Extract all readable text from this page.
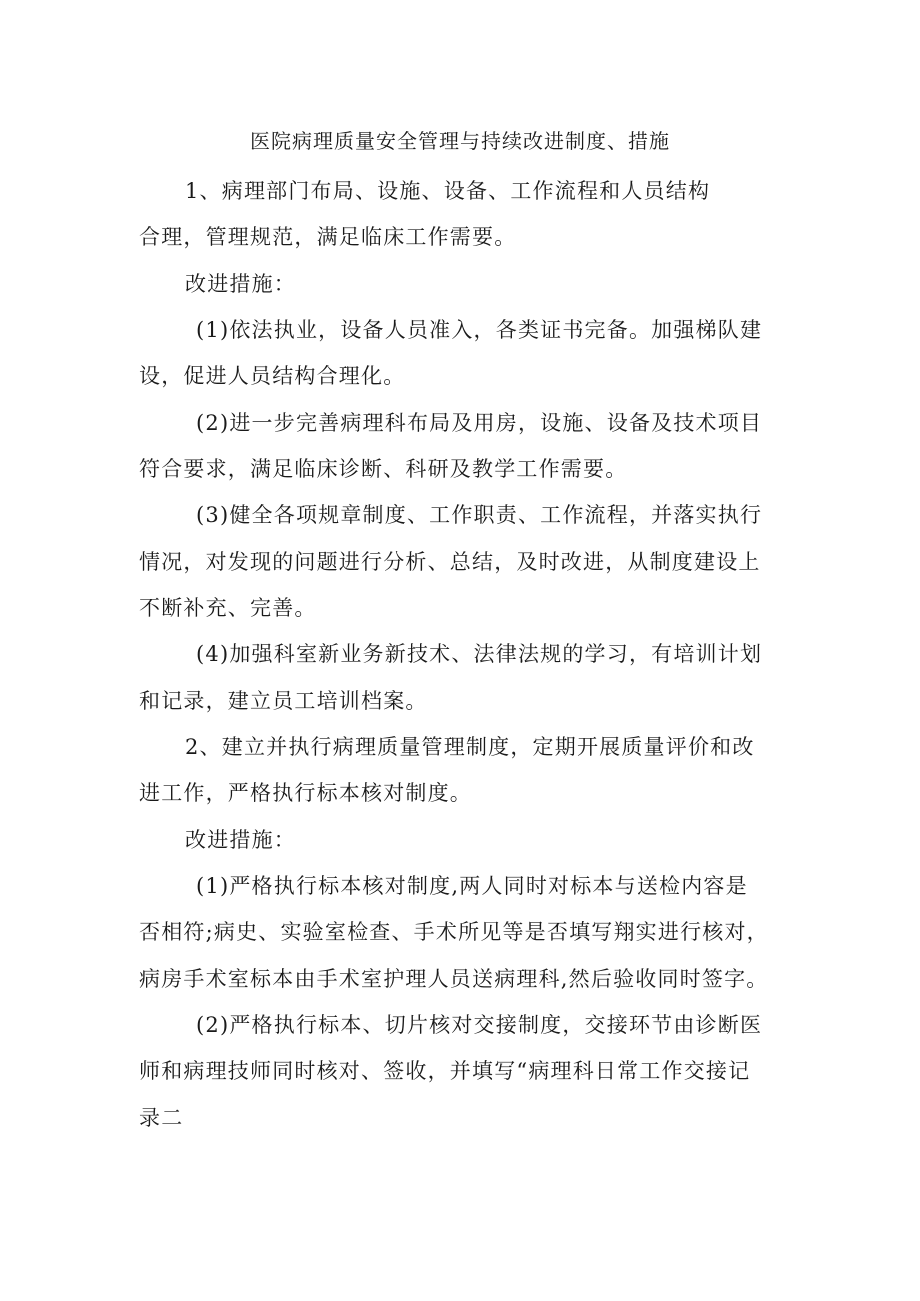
医院病理质量安全管理与持续改进制度、措施
1、病理部门布局、设施、设备、工作流程和人员结构
合理，管理规范，满足临床工作需要。
改进措施：
(1)依法执业，设备人员准入，各类证书完备。加强梯队建
设，促进人员结构合理化。
(2)进一步完善病理科布局及用房，设施、设备及技术项目
符合要求，满足临床诊断、科研及教学工作需要。
(3)健全各项规章制度、工作职责、工作流程，并落实执行
情况，对发现的问题进行分析、总结，及时改进，从制度建设上
不断补充、完善。
(4)加强科室新业务新技术、法律法规的学习，有培训计划
和记录，建立员工培训档案。
2、建立并执行病理质量管理制度，定期开展质量评价和改
进工作，严格执行标本核对制度。
改进措施：
(1)严格执行标本核对制度,两人同时对标本与送检内容是
否相符;病史、实验室检查、手术所见等是否填写翔实进行核对，
病房手术室标本由手术室护理人员送病理科,然后验收同时签字。
(2)严格执行标本、切片核对交接制度，交接环节由诊断医
师和病理技师同时核对、签收，并填写“病理科日常工作交接记
录二
